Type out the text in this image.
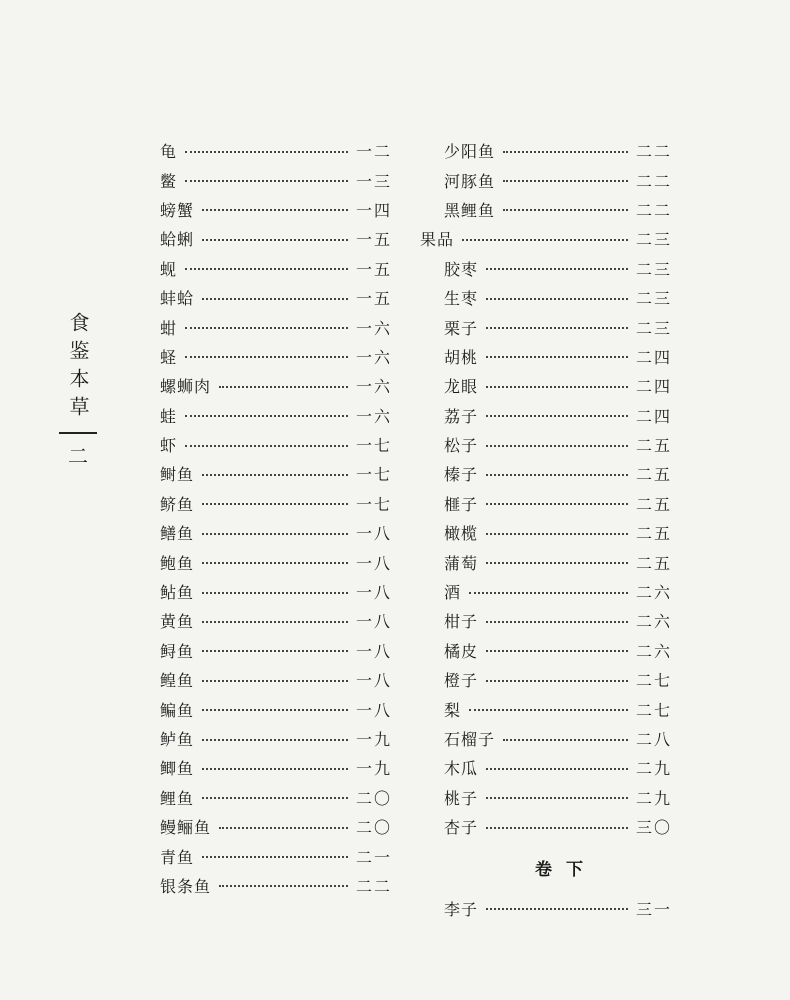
食鉴本草
二
龟	一二
鳖	一三
螃蟹	一四
蛤蜊	一五
蚬	一五
蚌蛤	一五
蚶	一六
蛏	一六
螺蛳肉	一六
蛙	一六
虾	一七
鲥鱼	一七
鲚鱼	一七
鳝鱼	一八
鲍鱼	一八
鲇鱼	一八
黄鱼	一八
鲟鱼	一八
鳇鱼	一八
鳊鱼	一八
鲈鱼	一九
鲫鱼	一九
鲤鱼	二〇
鳗鲡鱼	二〇
青鱼	二一
银条鱼	二二
少阳鱼	二二
河豚鱼	二二
黑鲤鱼	二二
果品	二三
胶枣	二三
生枣	二三
栗子	二三
胡桃	二四
龙眼	二四
荔子	二四
松子	二五
榛子	二五
榧子	二五
橄榄	二五
蒲萄	二五
酒	二六
柑子	二六
橘皮	二六
橙子	二七
梨	二七
石榴子	二八
木瓜	二九
桃子	二九
杏子	三〇
卷下
李子	三一
